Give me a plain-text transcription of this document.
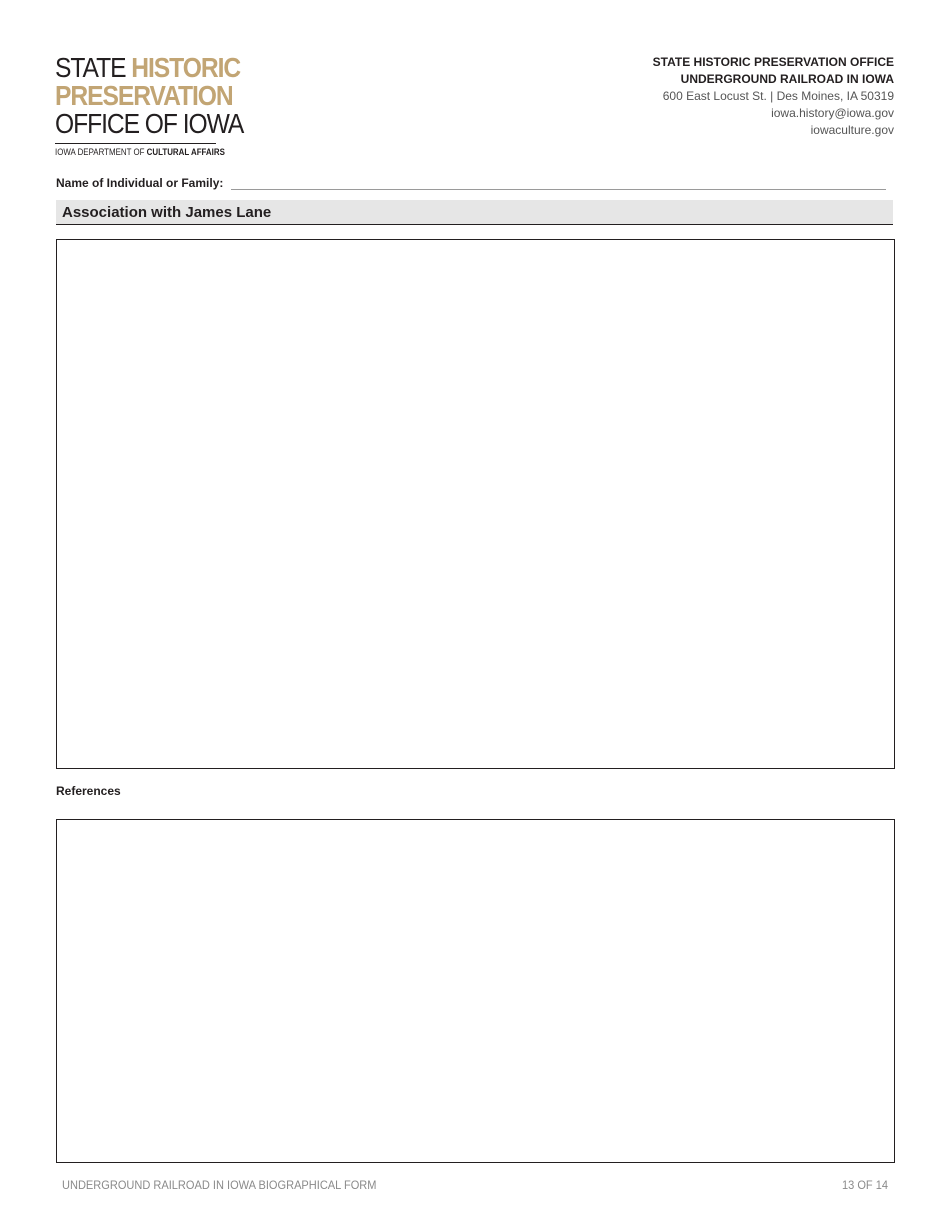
STATE HISTORIC
PRESERVATION
OFFICE OF IOWA
IOWA DEPARTMENT OF CULTURAL AFFAIRS
STATE HISTORIC PRESERVATION OFFICE
UNDERGROUND RAILROAD IN IOWA
600 East Locust St. | Des Moines, IA 50319
iowa.history@iowa.gov
iowaculture.gov
Name of Individual or Family:
Association with James Lane
References
UNDERGROUND RAILROAD IN IOWA BIOGRAPHICAL FORM	13 OF 14
